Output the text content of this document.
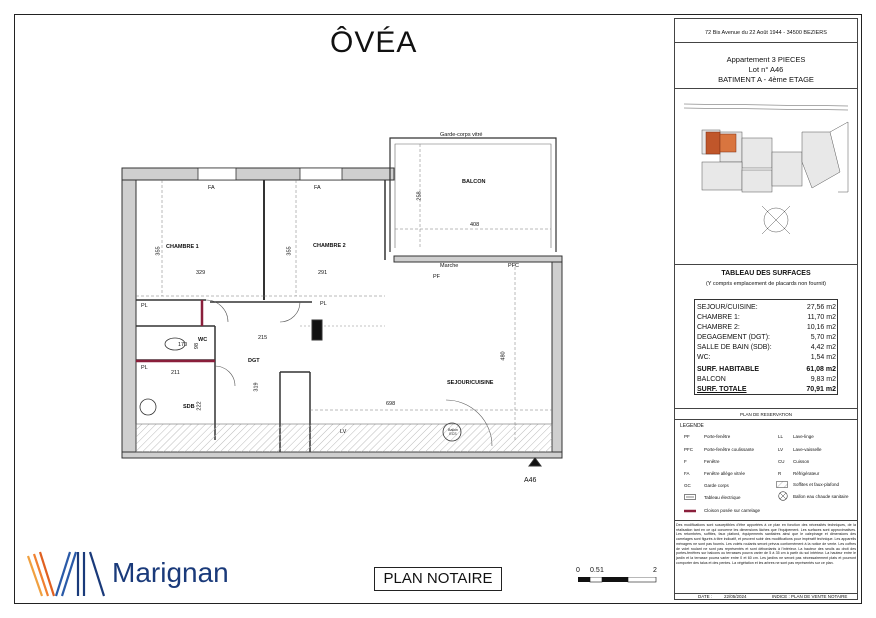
ÔVÉA
Garde-corps vitré
BALCON
CHAMBRE 1	CHAMBRE 2
WC
DGT
SDB
SEJOUR/CUISINE
355
329
355
291
258
408
215
319
170 98
211
222
480
698
FA	FA
PF
PFC
Marche
PL	PL
PL
LV	Ballon ECS
A46
Marignan	PLAN NOTAIRE	0 0.5 1	2
72 Bis Avenue du 22 Août 1944 - 34500 BEZIERS
Appartement 3 PIECES
Lot n° A46
BATIMENT A - 4ème ETAGE
TABLEAU DES SURFACES
(Y compris emplacement de placards non fournit)
SEJOUR/CUISINE:	27,56 m2
CHAMBRE 1:	11,70 m2
CHAMBRE 2:	10,16 m2
DEGAGEMENT (DGT):	5,70 m2
SALLE DE BAIN (SDB):	4,42 m2
WC:	1,54 m2
SURF. HABITABLE	61,08 m2
BALCON	9,83 m2
SURF. TOTALE	70,91 m2
PLAN DE RESERVATION
LEGENDE
PF	Porte-fenêtre
PFC Porte-fenêtre coulissante
F	Fenêtre
FA	Fenêtre allège vitrée
GC	Garde corps
Tableau électrique
Cloison posée sur carrelage
LL Lave-linge
LV Lave-vaisselle
CU Cuisson
R	Réfrigérateur
Soffites et faux-plafond
Ballon eau chaude sanitaire
Des modifications sont susceptibles d'être apportées à ce plan en fonction des nécessités techniques, de la réalisation tant en ce qui concerne les dimensions lâches que l'équipement. Les surfaces sont approximatives. Les retombées, soffites, faux plafond, équipements sanitaires ainsi que le calepinage et dimensions des carrelages sont figurés à titre indicatif, et peuvent subir des modifications pour impératif technique. Les appareils ménagers ne sont pas fournis. Les volets roulants seront prévus conformément à la notice de vente. Les coffres de volet roulant ne sont pas représentés et sont débordants à l'intérieur. La hauteur des seuils au droit des portes-fenêtres sur balcons ou terrasses pourra varier de 5 à 35 cm à partir du sol intérieur. La hauteur entre le jardin et la terrasse pourra varier entre 0 et 60 cm. Les jardins ne seront pas nécessairement plats et pourront comporter des talus et des pentes. La végétation et les arbres ne sont pas représentés sur ce plan.
DATE :	22/05/2024	INDICE : PLAN DE VENTE NOTAIRE
